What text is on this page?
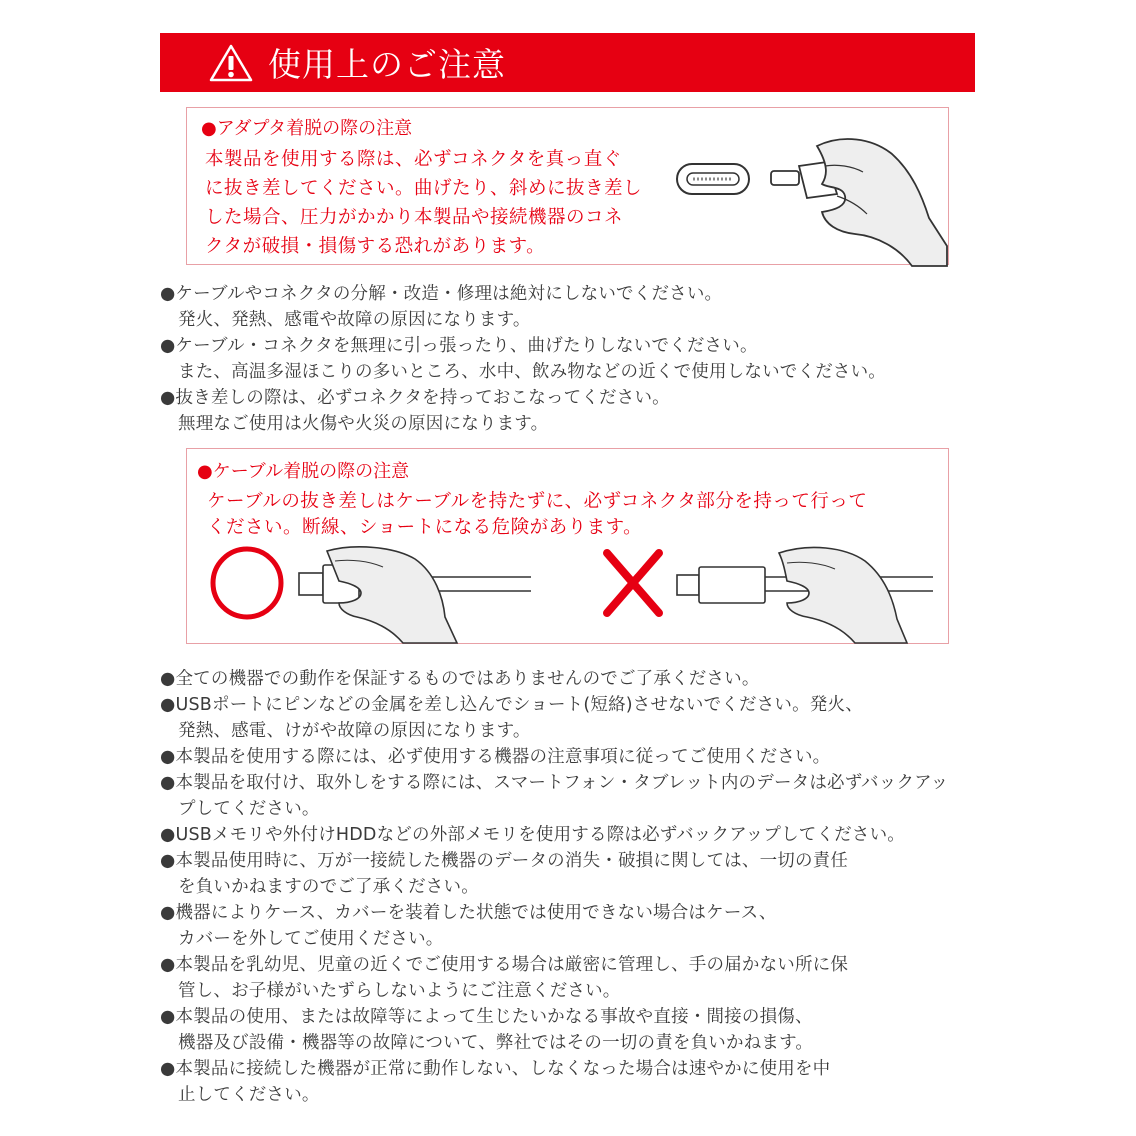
使用上のご注意
●アダプタ着脱の際の注意
本製品を使用する際は、必ずコネクタを真っ直ぐ
に抜き差してください。曲げたり、斜めに抜き差し
した場合、圧力がかかり本製品や接続機器のコネ
クタが破損・損傷する恐れがあります。
●ケーブルやコネクタの分解・改造・修理は絶対にしないでください。
発火、発熱、感電や故障の原因になります。
●ケーブル・コネクタを無理に引っ張ったり、曲げたりしないでください。
また、高温多湿ほこりの多いところ、水中、飲み物などの近くで使用しないでください。
●抜き差しの際は、必ずコネクタを持っておこなってください。
無理なご使用は火傷や火災の原因になります。
●ケーブル着脱の際の注意
ケーブルの抜き差しはケーブルを持たずに、必ずコネクタ部分を持って行って
ください。断線、ショートになる危険があります。
●全ての機器での動作を保証するものではありませんのでご了承ください。
●USBポートにピンなどの金属を差し込んでショート(短絡)させないでください。発火、
発熱、感電、けがや故障の原因になります。
●本製品を使用する際には、必ず使用する機器の注意事項に従ってご使用ください。
●本製品を取付け、取外しをする際には、スマートフォン・タブレット内のデータは必ずバックアッ
プしてください。
●USBメモリや外付けHDDなどの外部メモリを使用する際は必ずバックアップしてください。
●本製品使用時に、万が一接続した機器のデータの消失・破損に関しては、一切の責任
を負いかねますのでご了承ください。
●機器によりケース、カバーを装着した状態では使用できない場合はケース、
カバーを外してご使用ください。
●本製品を乳幼児、児童の近くでご使用する場合は厳密に管理し、手の届かない所に保
管し、お子様がいたずらしないようにご注意ください。
●本製品の使用、または故障等によって生じたいかなる事故や直接・間接の損傷、
機器及び設備・機器等の故障について、弊社ではその一切の責を負いかねます。
●本製品に接続した機器が正常に動作しない、しなくなった場合は速やかに使用を中
止してください。
